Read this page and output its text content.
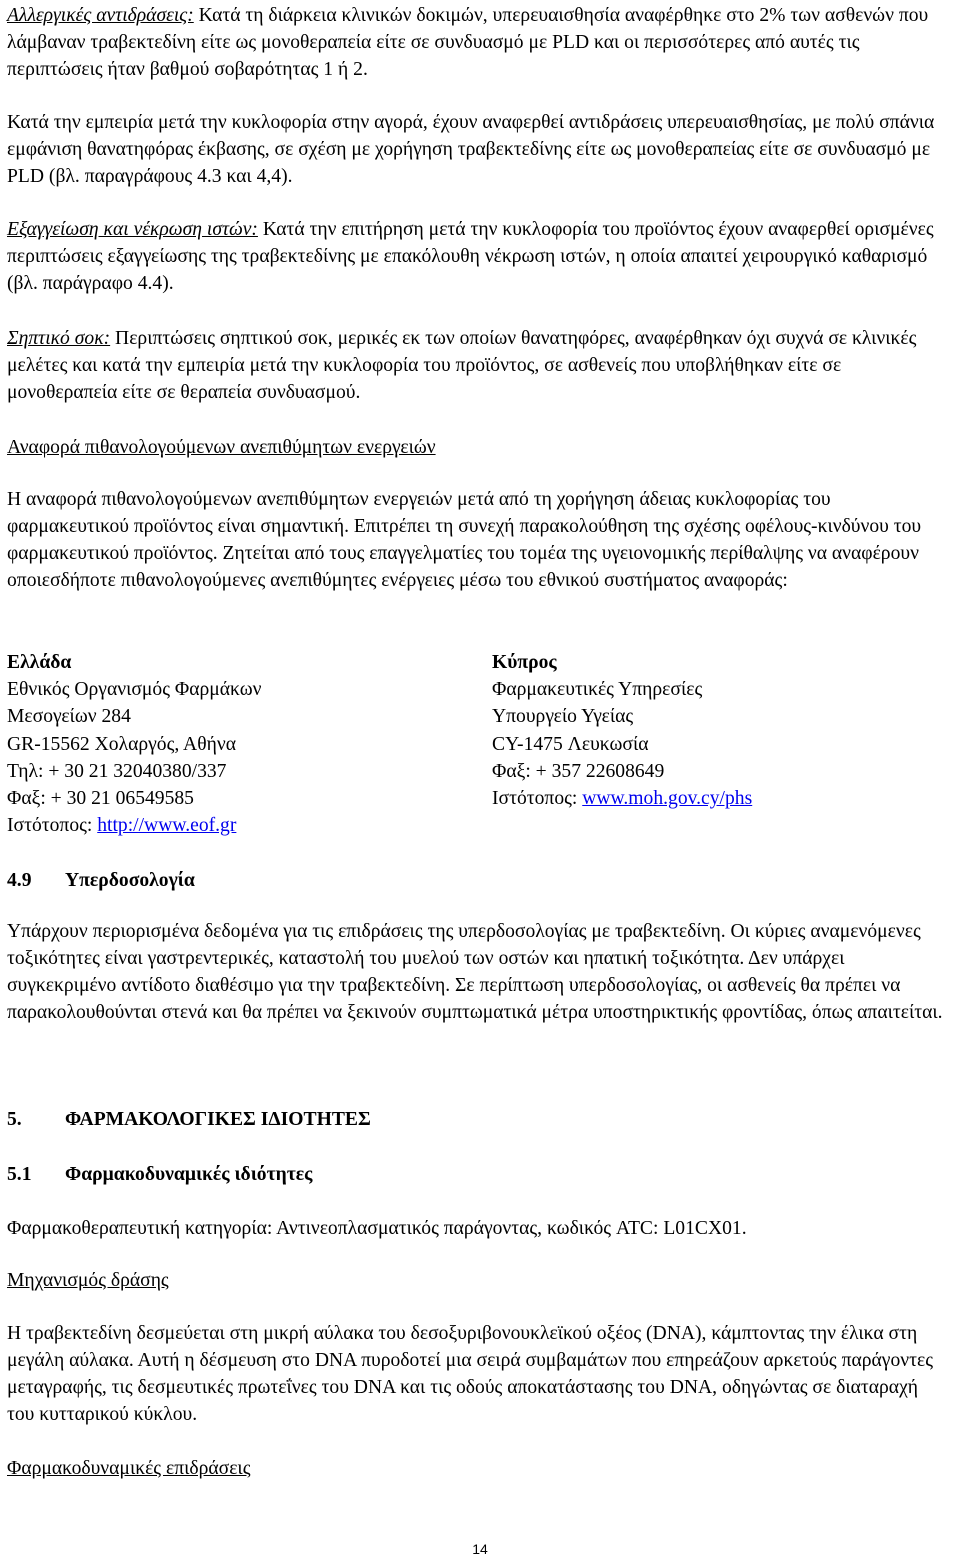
Αλλεργικές αντιδράσεις: Κατά τη διάρκεια κλινικών δοκιμών, υπερευαισθησία αναφέρθηκε στο 2% των ασθενών που λάμβαναν τραβεκτεδίνη είτε ως μονοθεραπεία είτε σε συνδυασμό με PLD και οι περισσότερες από αυτές τις περιπτώσεις ήταν βαθμού σοβαρότητας 1 ή 2.
Κατά την εμπειρία μετά την κυκλοφορία στην αγορά, έχουν αναφερθεί αντιδράσεις υπερευαισθησίας, με πολύ σπάνια εμφάνιση θανατηφόρας έκβασης, σε σχέση με χορήγηση τραβεκτεδίνης είτε ως μονοθεραπείας είτε σε συνδυασμό με PLD (βλ. παραγράφους 4.3 και 4,4).
Εξαγγείωση και νέκρωση ιστών: Κατά την επιτήρηση μετά την κυκλοφορία του προϊόντος έχουν αναφερθεί ορισμένες περιπτώσεις εξαγγείωσης της τραβεκτεδίνης με επακόλουθη νέκρωση ιστών, η οποία απαιτεί χειρουργικό καθαρισμό (βλ. παράγραφο 4.4).
Σηπτικό σοκ: Περιπτώσεις σηπτικού σοκ, μερικές εκ των οποίων θανατηφόρες, αναφέρθηκαν όχι συχνά σε κλινικές μελέτες και κατά την εμπειρία μετά την κυκλοφορία του προϊόντος, σε ασθενείς που υποβλήθηκαν είτε σε μονοθεραπεία είτε σε θεραπεία συνδυασμού.
Αναφορά πιθανολογούμενων ανεπιθύμητων ενεργειών
Η αναφορά πιθανολογούμενων ανεπιθύμητων ενεργειών μετά από τη χορήγηση άδειας κυκλοφορίας του φαρμακευτικού προϊόντος είναι σημαντική. Επιτρέπει τη συνεχή παρακολούθηση της σχέσης οφέλους-κινδύνου του φαρμακευτικού προϊόντος. Ζητείται από τους επαγγελματίες του τομέα της υγειονομικής περίθαλψης να αναφέρουν οποιεσδήποτε πιθανολογούμενες ανεπιθύμητες ενέργειες μέσω του εθνικού συστήματος αναφοράς:
Ελλάδα
Εθνικός Οργανισμός Φαρμάκων
Μεσογείων 284
GR-15562 Χολαργός, Αθήνα
Τηλ: + 30 21 32040380/337
Φαξ: + 30 21 06549585
Ιστότοπος: http://www.eof.gr
Κύπρος
Φαρμακευτικές Υπηρεσίες
Υπουργείο Υγείας
CY-1475 Λευκωσία
Φαξ: + 357 22608649
Ιστότοπος: www.moh.gov.cy/phs
4.9 Υπερδοσολογία
Υπάρχουν περιορισμένα δεδομένα για τις επιδράσεις της υπερδοσολογίας με τραβεκτεδίνη. Οι κύριες αναμενόμενες τοξικότητες είναι γαστρεντερικές, καταστολή του μυελού των οστών και ηπατική τοξικότητα. Δεν υπάρχει συγκεκριμένο αντίδοτο διαθέσιμο για την τραβεκτεδίνη. Σε περίπτωση υπερδοσολογίας, οι ασθενείς θα πρέπει να παρακολουθούνται στενά και θα πρέπει να ξεκινούν συμπτωματικά μέτρα υποστηρικτικής φροντίδας, όπως απαιτείται.
5. ΦΑΡΜΑΚΟΛΟΓΙΚΕΣ ΙΔΙΟΤΗΤΕΣ
5.1 Φαρμακοδυναμικές ιδιότητες
Φαρμακοθεραπευτική κατηγορία: Αντινεοπλασματικός παράγοντας, κωδικός ATC: L01CX01.
Μηχανισμός δράσης
Η τραβεκτεδίνη δεσμεύεται στη μικρή αύλακα του δεσοξυριβονουκλεϊκού οξέος (DNA), κάμπτοντας την έλικα στη μεγάλη αύλακα. Αυτή η δέσμευση στο DNA πυροδοτεί μια σειρά συμβαμάτων που επηρεάζουν αρκετούς παράγοντες μεταγραφής, τις δεσμευτικές πρωτεΐνες του DNA και τις οδούς αποκατάστασης του DNA, οδηγώντας σε διαταραχή του κυτταρικού κύκλου.
Φαρμακοδυναμικές επιδράσεις
14
